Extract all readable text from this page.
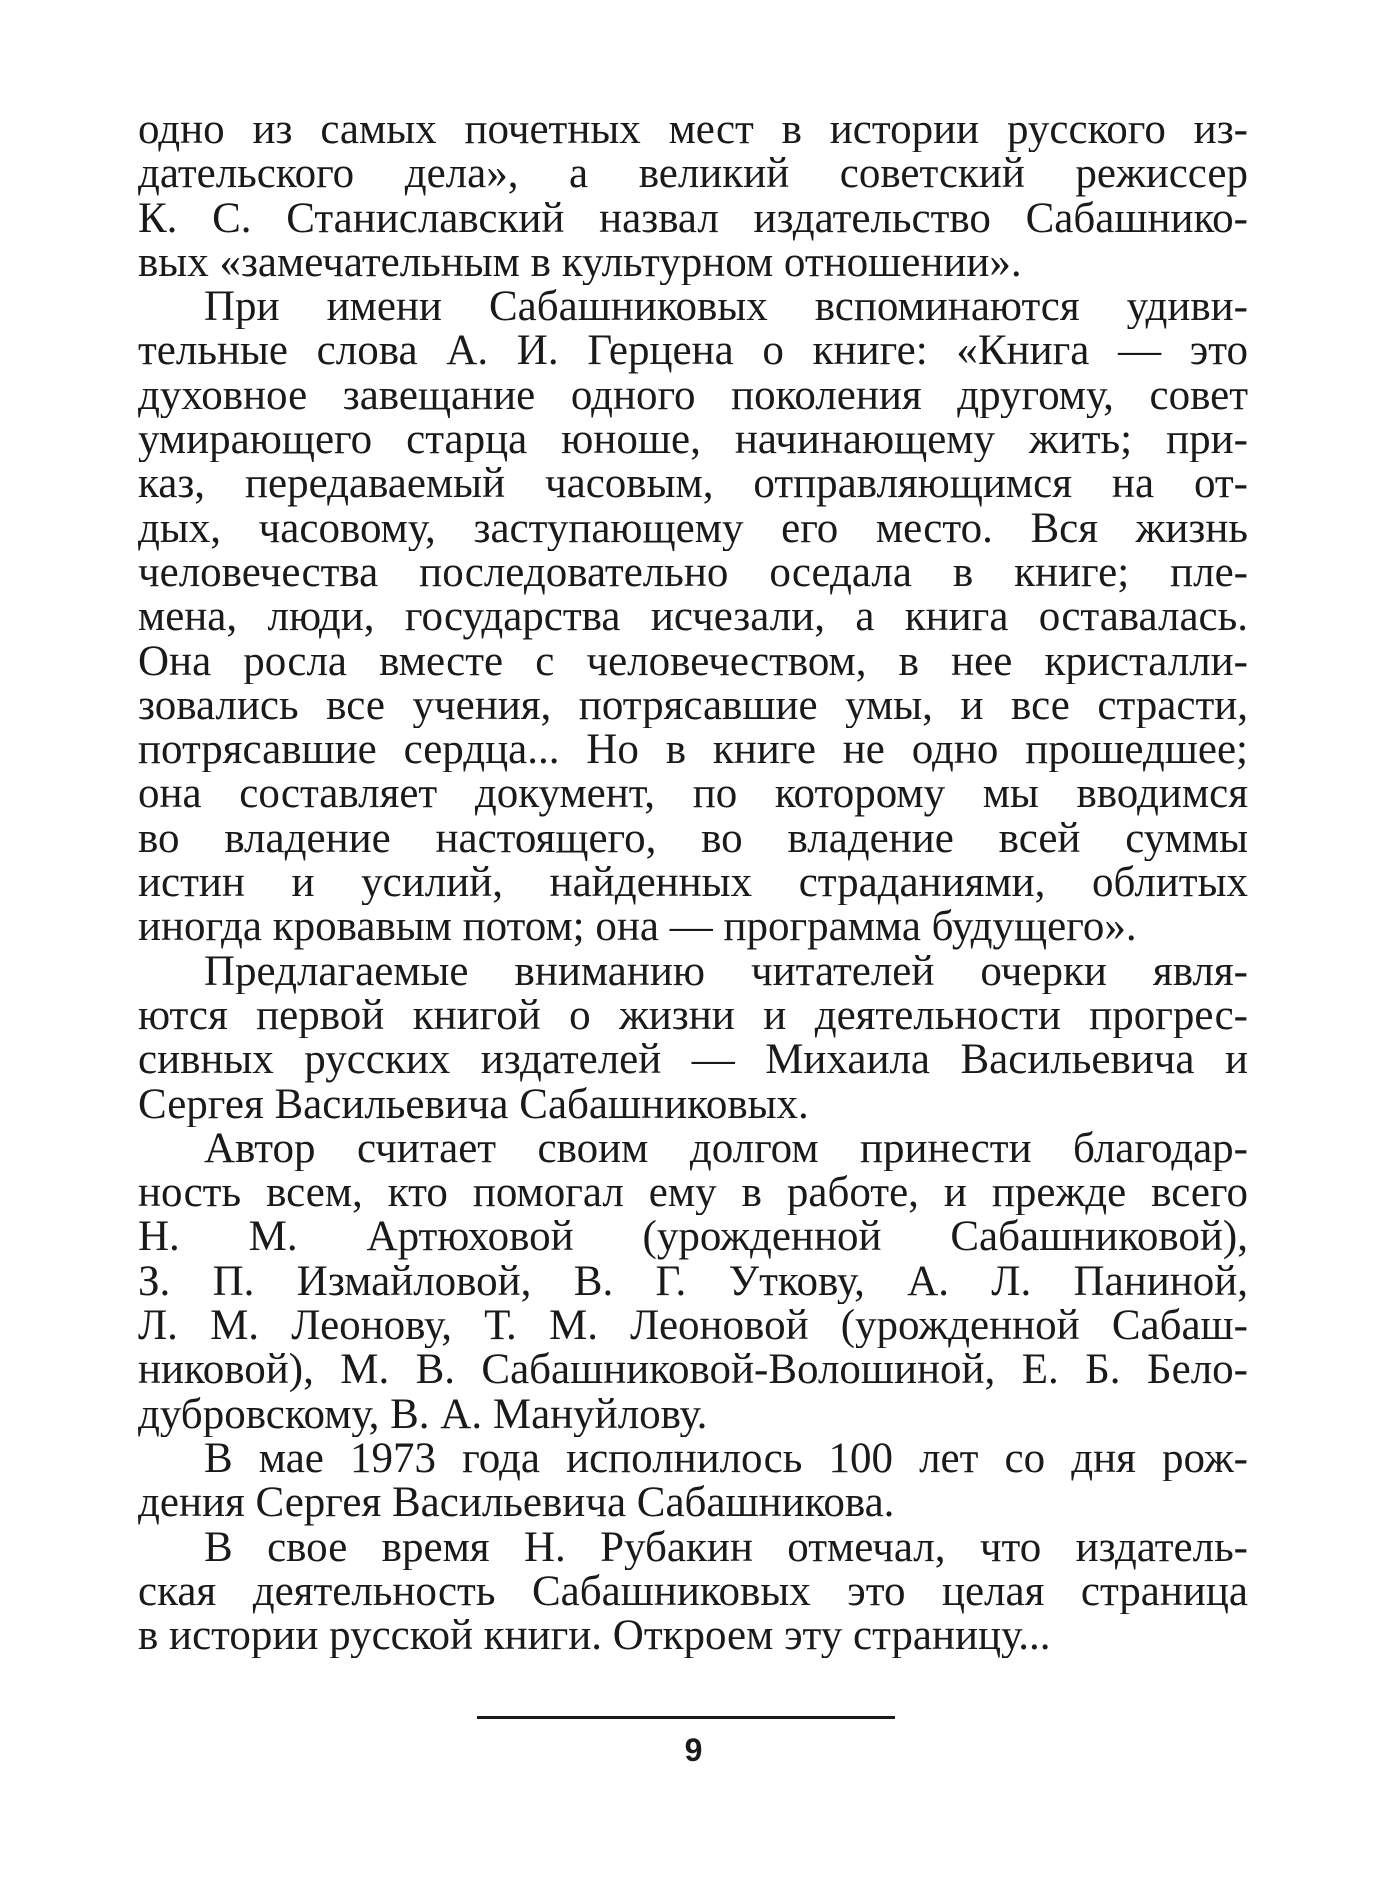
одно из самых почетных мест в истории русского из-
дательского дела», а великий советский режиссер
К. С. Станиславский назвал издательство Сабашнико-
вых «замечательным в культурном отношении».
При имени Сабашниковых вспоминаются удиви-
тельные слова А. И. Герцена о книге: «Книга — это
духовное завещание одного поколения другому, совет
умирающего старца юноше, начинающему жить; при-
каз, передаваемый часовым, отправляющимся на от-
дых, часовому, заступающему его место. Вся жизнь
человечества последовательно оседала в книге; пле-
мена, люди, государства исчезали, а книга оставалась.
Она росла вместе с человечеством, в нее кристалли-
зовались все учения, потрясавшие умы, и все страсти,
потрясавшие сердца... Но в книге не одно прошедшее;
она составляет документ, по которому мы вводимся
во владение настоящего, во владение всей суммы
истин и усилий, найденных страданиями, облитых
иногда кровавым потом; она — программа будущего».
Предлагаемые вниманию читателей очерки явля-
ются первой книгой о жизни и деятельности прогрес-
сивных русских издателей — Михаила Васильевича и
Сергея Васильевича Сабашниковых.
Автор считает своим долгом принести благодар-
ность всем, кто помогал ему в работе, и прежде всего
Н. М. Артюховой (урожденной Сабашниковой),
З. П. Измайловой, В. Г. Уткову, А. Л. Паниной,
Л. М. Леонову, Т. М. Леоновой (урожденной Сабаш-
никовой), М. В. Сабашниковой-Волошиной, Е. Б. Бело-
дубровскому, В. А. Мануйлову.
В мае 1973 года исполнилось 100 лет со дня рож-
дения Сергея Васильевича Сабашникова.
В свое время Н. Рубакин отмечал, что издатель-
ская деятельность Сабашниковых это целая страница
в истории русской книги. Откроем эту страницу...
9
